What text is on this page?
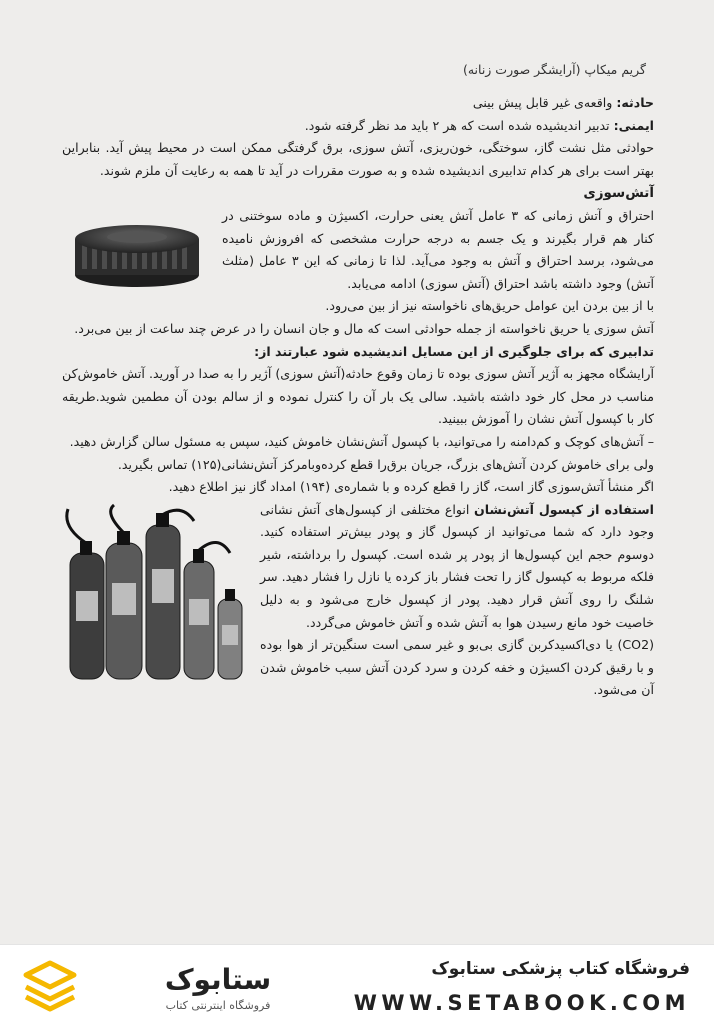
گریم میکاپ (آرایشگر صورت زنانه)

حادثه: واقعه‌ی غیر قابل پیش بینی

ایمنی: تدبیر اندیشیده شده است که هر ۲ باید مد نظر گرفته شود.

حوادثی مثل نشت گاز، سوختگی، خون‌ریزی، آتش سوزی، برق گرفتگی ممکن است در محیط پیش آید. بنابراین بهتر است برای هر کدام تدابیری اندیشیده شده و به صورت مقررات در آید تا همه به رعایت آن ملزم شوند.

آتش‌سوزی

احتراق و آتش زمانی که ۳ عامل آتش یعنی حرارت، اکسیژن و ماده سوختنی در کنار هم قرار بگیرند و یک جسم به درجه حرارت مشخصی که افروزش نامیده می‌شود، برسد احتراق و آتش به وجود می‌آید. لذا تا زمانی که این ۳ عامل (مثلث آتش) وجود داشته باشد احتراق (آتش سوزی) ادامه می‌یابد.

با از بین بردن این عوامل حریق‌های ناخواسته نیز از بین می‌رود.

آتش سوزی یا حریق ناخواسته از جمله حوادثی است که مال و جان انسان را در عرض چند ساعت از بین می‌برد.

تدابیری که برای جلوگیری از این مسایل اندیشیده شود عبارتند از:

آرایشگاه مجهز به آژیر آتش سوزی بوده تا زمان وقوع حادثه(آتش سوزی) آژیر را به صدا در آورید. آتش خاموش‌کن مناسب در محل کار خود داشته باشید. سالی یک بار آن را کنترل نموده و از سالم بودن آن مطمین شوید.طریقه کار با کپسول آتش نشان را آموزش ببینید.

– آتش‌های کوچک و کم‌دامنه را می‌توانید، با کپسول آتش‌نشان خاموش کنید، سپس به مسئول سالن گزارش دهید.

ولی برای خاموش کردن آتش‌های بزرگ، جریان برق‌را قطع کرده‌وبامرکز آتش‌نشانی(۱۲۵) تماس بگیرید.

اگر منشأ آتش‌سوزی گاز است، گاز را قطع کرده و با شماره‌ی (۱۹۴) امداد گاز نیز اطلاع دهید.

استفاده از کپسول آتش‌نشان انواع مختلفی از کپسول‌های آتش نشانی وجود دارد که شما می‌توانید از کپسول گاز و پودر بیش‌تر استفاده کنید. دوسوم حجم این کپسول‌ها از پودر پر شده است. کپسول را برداشته، شیر فلکه مربوط به کپسول گاز را تحت فشار باز کرده یا نازل را فشار دهید. سر شلنگ را روی آتش قرار دهید. پودر از کپسول خارج می‌شود و به دلیل خاصیت خود مانع رسیدن هوا به آتش شده و آتش خاموش می‌گردد.

(CO2) یا دی‌اکسیدکربن گازی بی‌بو و غیر سمی است سنگین‌تر از هوا بوده و با رقیق کردن اکسیژن و خفه کردن و سرد کردن آتش سبب خاموش شدن آن می‌شود.

ستابوک
فروشگاه اینترنتی کتاب
فروشگاه کتاب پزشکی ستابوک
WWW.SETABOOK.COM
